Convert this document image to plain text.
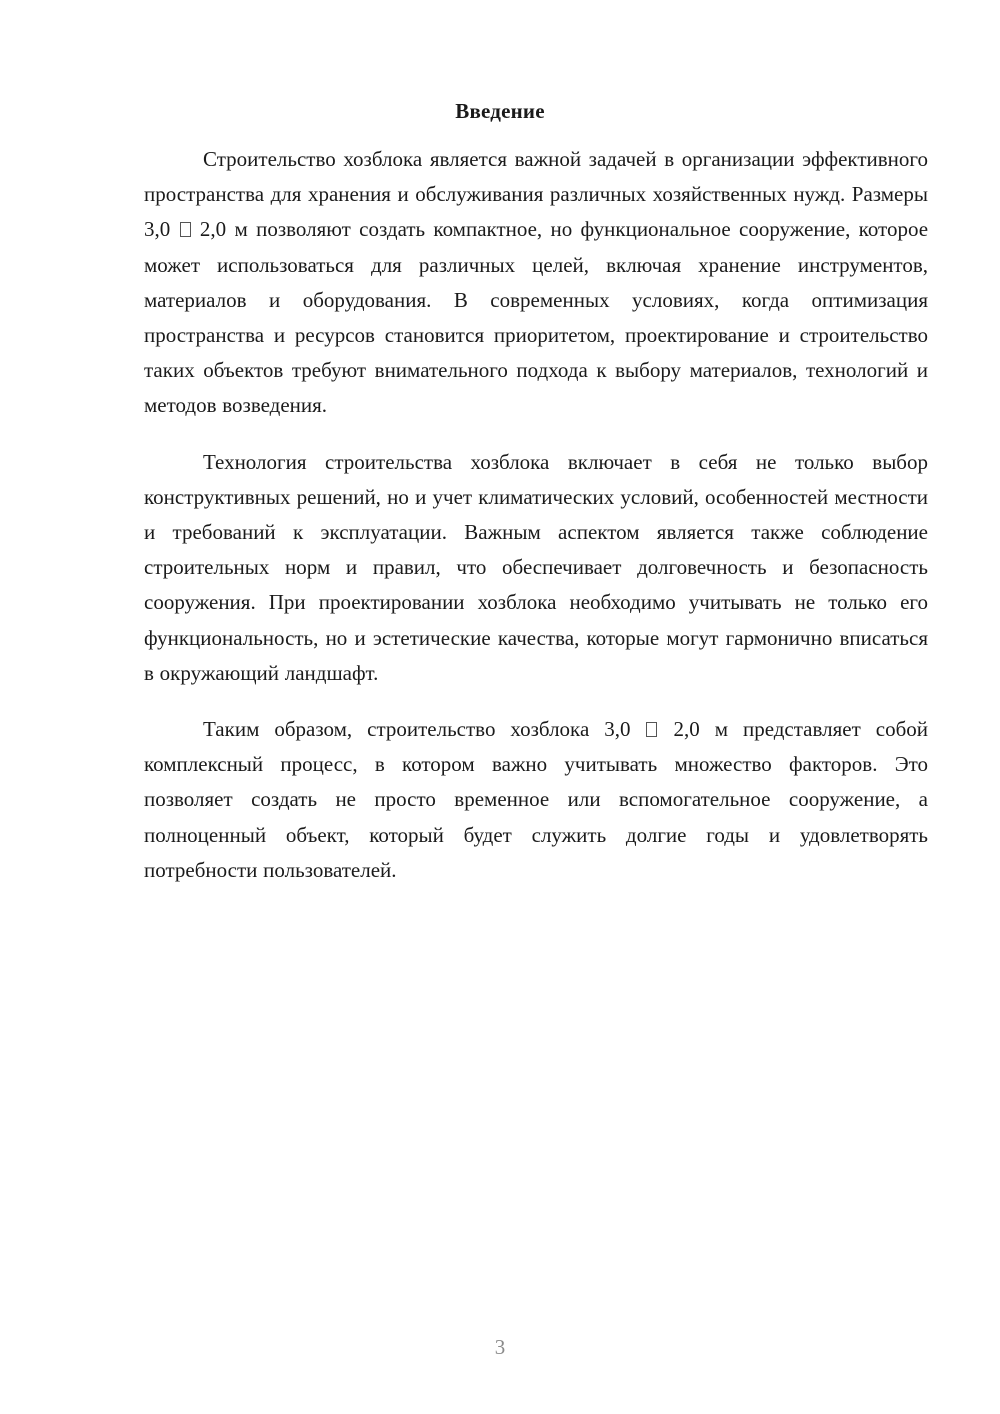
Введение

Строительство хозблока является важной задачей в организации эффективного пространства для хранения и обслуживания различных хозяйственных нужд. Размеры 3,0 2,0 м позволяют создать компактное, но функциональное сооружение, которое может использоваться для различных целей, включая хранение инструментов, материалов и оборудования. В современных условиях, когда оптимизация пространства и ресурсов становится приоритетом, проектирование и строительство таких объектов требуют внимательного подхода к выбору материалов, технологий и методов возведения.

Технология строительства хозблока включает в себя не только выбор конструктивных решений, но и учет климатических условий, особенностей местности и требований к эксплуатации. Важным аспектом является также соблюдение строительных норм и правил, что обеспечивает долговечность и безопасность сооружения. При проектировании хозблока необходимо учитывать не только его функциональность, но и эстетические качества, которые могут гармонично вписаться в окружающий ландшафт.

Таким образом, строительство хозблока 3,0 2,0 м представляет собой комплексный процесс, в котором важно учитывать множество факторов. Это позволяет создать не просто временное или вспомогательное сооружение, а полноценный объект, который будет служить долгие годы и удовлетворять потребности пользователей.

3
